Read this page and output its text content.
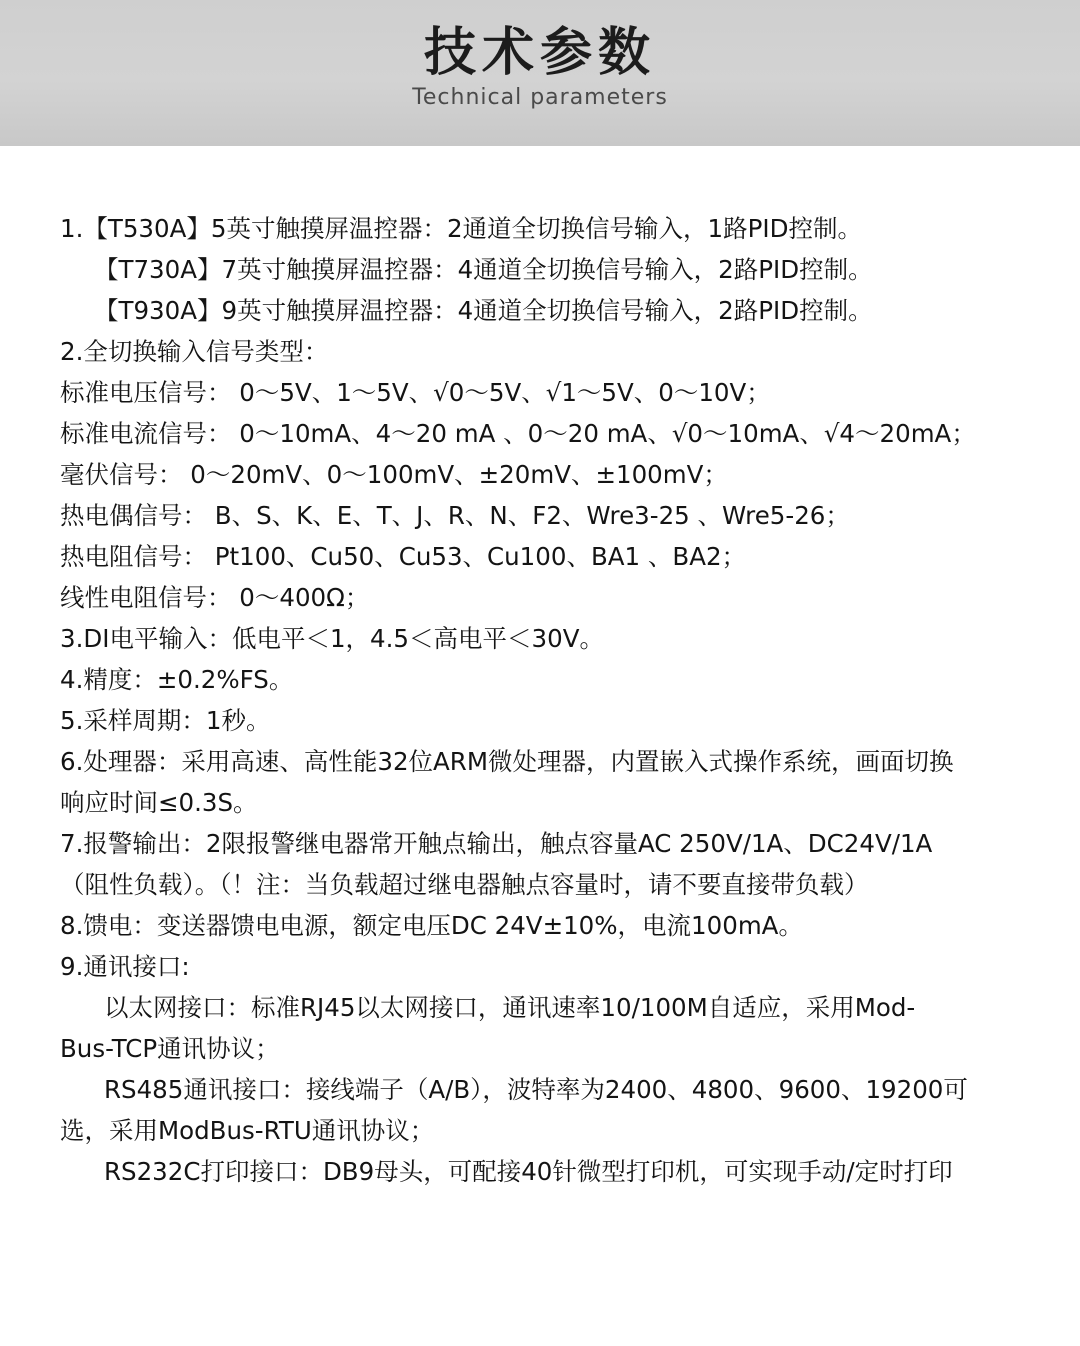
技术参数
Technical parameters
1.【T530A】5英寸触摸屏温控器：2通道全切换信号输入，1路PID控制。
【T730A】7英寸触摸屏温控器：4通道全切换信号输入，2路PID控制。
【T930A】9英寸触摸屏温控器：4通道全切换信号输入，2路PID控制。
2.全切换输入信号类型：
标准电压信号： 0～5V、1～5V、√0～5V、√1～5V、0～10V；
标准电流信号： 0～10mA、4～20 mA 、0～20 mA、√0～10mA、√4～20mA；
毫伏信号： 0～20mV、0～100mV、±20mV、±100mV；
热电偶信号： B、S、K、E、T、J、R、N、F2、Wre3-25 、Wre5-26；
热电阻信号： Pt100、Cu50、Cu53、Cu100、BA1 、BA2；
线性电阻信号： 0～400Ω；
3.DI电平输入：低电平＜1，4.5＜高电平＜30V。
4.精度：±0.2%FS。
5.采样周期：1秒。
6.处理器：采用高速、高性能32位ARM微处理器，内置嵌入式操作系统，画面切换
响应时间≤0.3S。
7.报警输出：2限报警继电器常开触点输出，触点容量AC 250V/1A、DC24V/1A
（阻性负载）。（！注：当负载超过继电器触点容量时，请不要直接带负载）
8.馈电：变送器馈电电源，额定电压DC 24V±10%，电流100mA。
9.通讯接口:
以太网接口：标准RJ45以太网接口，通讯速率10/100M自适应，采用Mod-
Bus-TCP通讯协议；
RS485通讯接口：接线端子（A/B），波特率为2400、4800、9600、19200可
选，采用ModBus-RTU通讯协议；
RS232C打印接口：DB9母头，可配接40针微型打印机，可实现手动/定时打印
